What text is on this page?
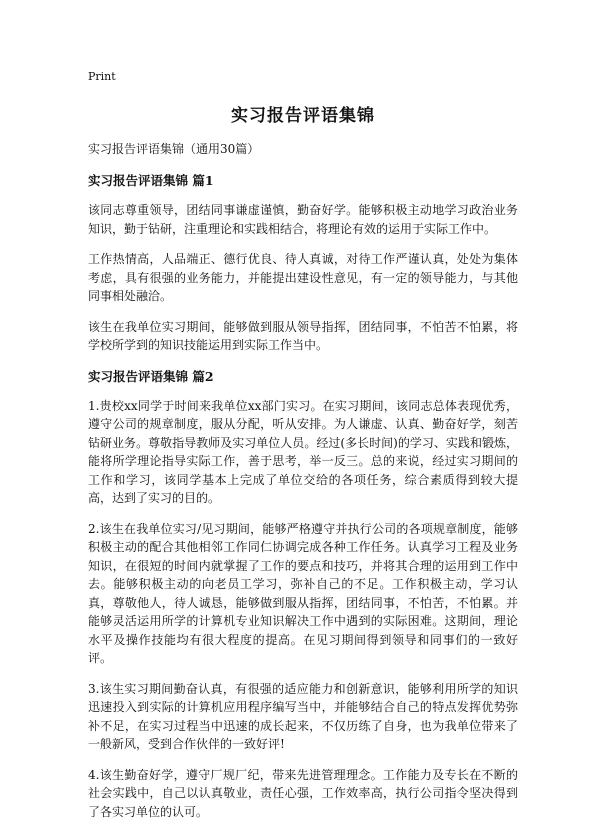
Print
实习报告评语集锦
实习报告评语集锦（通用30篇）
实习报告评语集锦 篇1

该同志尊重领导，团结同事谦虚谨慎，勤奋好学。能够积极主动地学习政治业务知识，勤于钻研，注重理论和实践相结合，将理论有效的运用于实际工作中。

工作热情高，人品端正、德行优良、待人真诚，对待工作严谨认真，处处为集体考虑，具有很强的业务能力，并能提出建设性意见，有一定的领导能力，与其他同事相处融洽。

该生在我单位实习期间，能够做到服从领导指挥，团结同事，不怕苦不怕累，将学校所学到的知识技能运用到实际工作当中。

实习报告评语集锦 篇2

1.贵校xx同学于时间来我单位xx部门实习。在实习期间，该同志总体表现优秀，遵守公司的规章制度，服从分配，听从安排。为人谦虚、认真、勤奋好学，刻苦钻研业务。尊敬指导教师及实习单位人员。经过(多长时间)的学习、实践和锻炼，能将所学理论指导实际工作，善于思考，举一反三。总的来说，经过实习期间的工作和学习，该同学基本上完成了单位交给的各项任务，综合素质得到较大提高，达到了实习的目的。

2.该生在我单位实习/见习期间，能够严格遵守并执行公司的各项规章制度，能够积极主动的配合其他相邻工作同仁协调完成各种工作任务。认真学习工程及业务知识，在很短的时间内就掌握了工作的要点和技巧，并将其合理的运用到工作中去。能够积极主动的向老员工学习，弥补自己的不足。工作积极主动，学习认真，尊敬他人，待人诚恳，能够做到服从指挥，团结同事，不怕苦，不怕累。并能够灵活运用所学的计算机专业知识解决工作中遇到的实际困难。这期间，理论水平及操作技能均有很大程度的提高。在见习期间得到领导和同事们的一致好评。

3.该生实习期间勤奋认真，有很强的适应能力和创新意识，能够利用所学的知识迅速投入到实际的计算机应用程序编写当中，并能够结合自己的特点发挥优势弥补不足，在实习过程当中迅速的成长起来，不仅历练了自身，也为我单位带来了一般新风，受到合作伙伴的一致好评!

4.该生勤奋好学，遵守厂规厂纪，带来先进管理理念。工作能力及专长在不断的社会实践中，自己以认真敬业，责任心强，工作效率高，执行公司指令坚决得到了各实习单位的认可。
